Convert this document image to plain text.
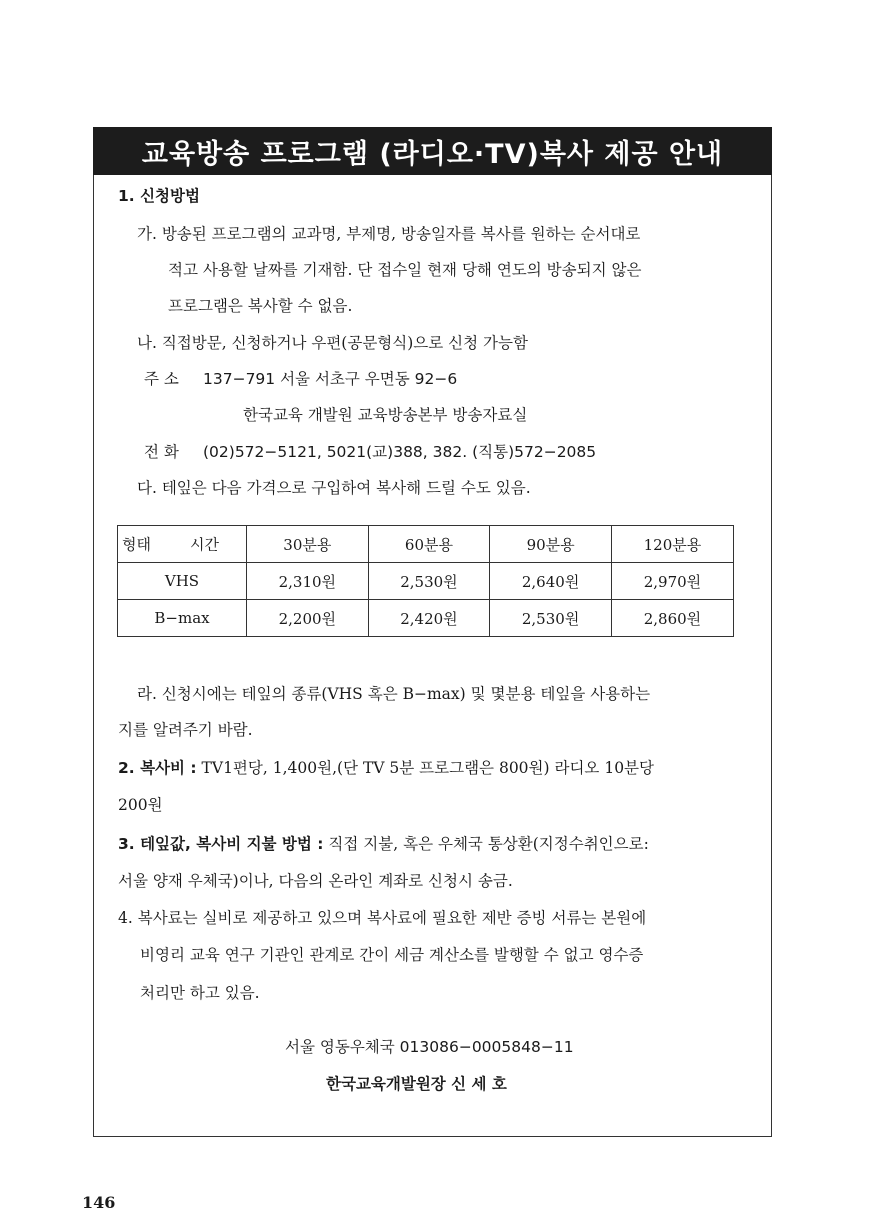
교육방송 프로그램 (라디오·TV)복사 제공 안내
1. 신청방법
가. 방송된 프로그램의 교과명, 부제명, 방송일자를 복사를 원하는 순서대로
적고 사용할 날짜를 기재함. 단 접수일 현재 당해 연도의 방송되지 않은
프로그램은 복사할 수 없음.
나. 직접방문, 신청하거나 우편(공문형식)으로 신청 가능함
주 소 137−791 서울 서초구 우면동 92−6
한국교육 개발원 교육방송본부 방송자료실
전 화 (02)572−5121, 5021(교)388, 382. (직통)572−2085
다. 테잎은 다음 가격으로 구입하여 복사해 드릴 수도 있음.
형태 시간	30분용	60분용	90분용	120분용
VHS	2,310원	2,530원	2,640원	2,970원
B−max	2,200원	2,420원	2,530원	2,860원
라. 신청시에는 테잎의 종류(VHS 혹은 B−max) 및 몇분용 테잎을 사용하는
지를 알려주기 바람.
2. 복사비 : TV1편당, 1,400원,(단 TV 5분 프로그램은 800원) 라디오 10분당
200원
3. 테잎값, 복사비 지불 방법 : 직접 지불, 혹은 우체국 통상환(지정수취인으로:
서울 양재 우체국)이나, 다음의 온라인 계좌로 신청시 송금.
4. 복사료는 실비로 제공하고 있으며 복사료에 필요한 제반 증빙 서류는 본원에
비영리 교육 연구 기관인 관계로 간이 세금 계산소를 발행할 수 없고 영수증
처리만 하고 있음.
서울 영동우체국 013086−0005848−11
한국교육개발원장 신 세 호
146
